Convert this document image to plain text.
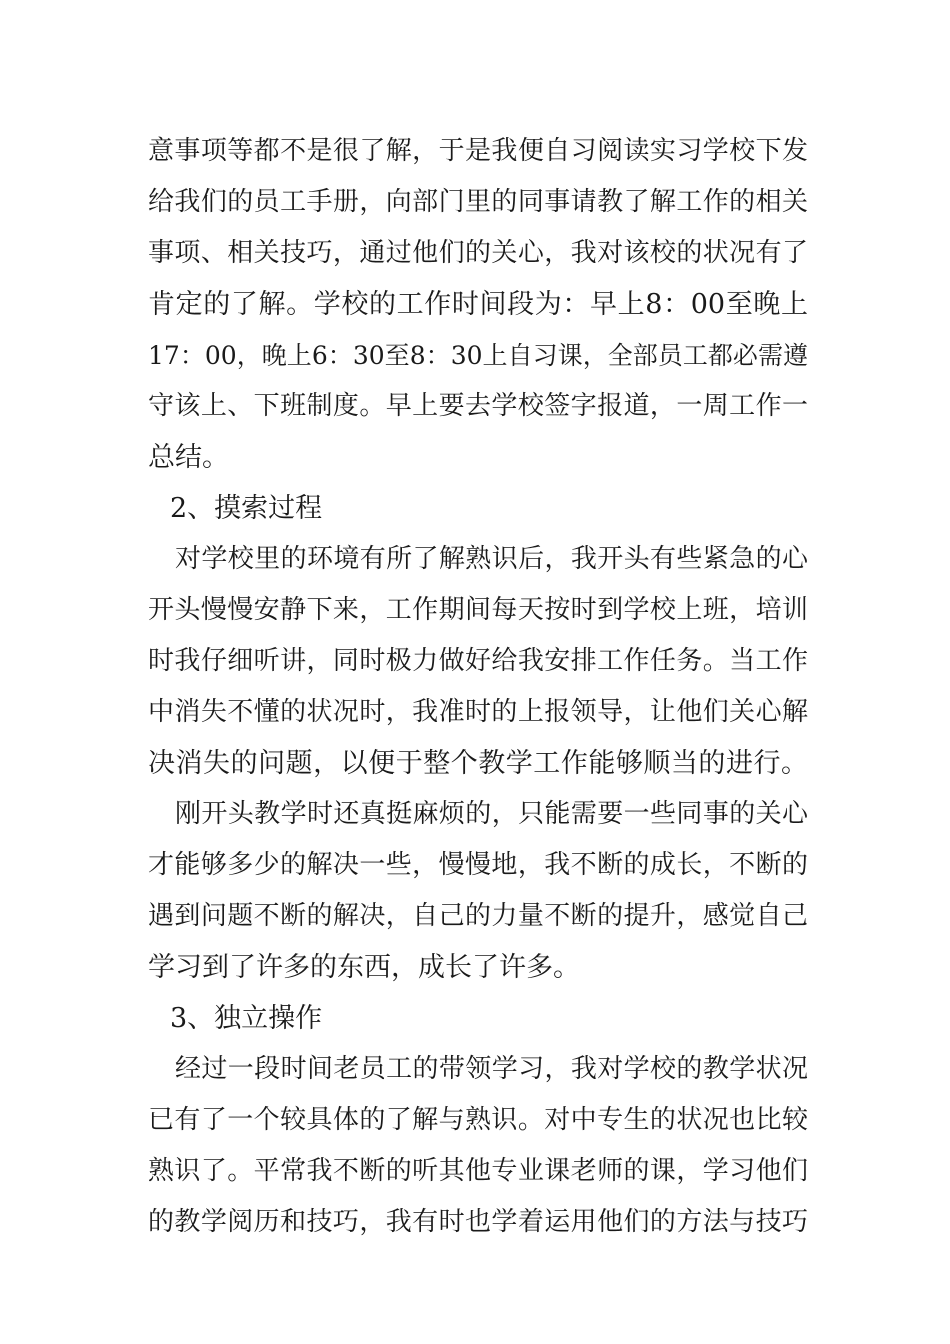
意事项等都不是很了解，于是我便自习阅读实习学校下发
给我们的员工手册，向部门里的同事请教了解工作的相关
事项、相关技巧，通过他们的关心，我对该校的状况有了
肯定的了解。学校的工作时间段为：早上8：00至晚上
17：00，晚上6：30至8：30上自习课，全部员工都必需遵
守该上、下班制度。早上要去学校签字报道，一周工作一
总结。
2、摸索过程
对学校里的环境有所了解熟识后，我开头有些紧急的心
开头慢慢安静下来，工作期间每天按时到学校上班，培训
时我仔细听讲，同时极力做好给我安排工作任务。当工作
中消失不懂的状况时，我准时的上报领导，让他们关心解
决消失的问题，以便于整个教学工作能够顺当的进行。
刚开头教学时还真挺麻烦的，只能需要一些同事的关心
才能够多少的解决一些，慢慢地，我不断的成长，不断的
遇到问题不断的解决，自己的力量不断的提升，感觉自己
学习到了许多的东西，成长了许多。
3、独立操作
经过一段时间老员工的带领学习，我对学校的教学状况
已有了一个较具体的了解与熟识。对中专生的状况也比较
熟识了。平常我不断的听其他专业课老师的课，学习他们
的教学阅历和技巧，我有时也学着运用他们的方法与技巧
